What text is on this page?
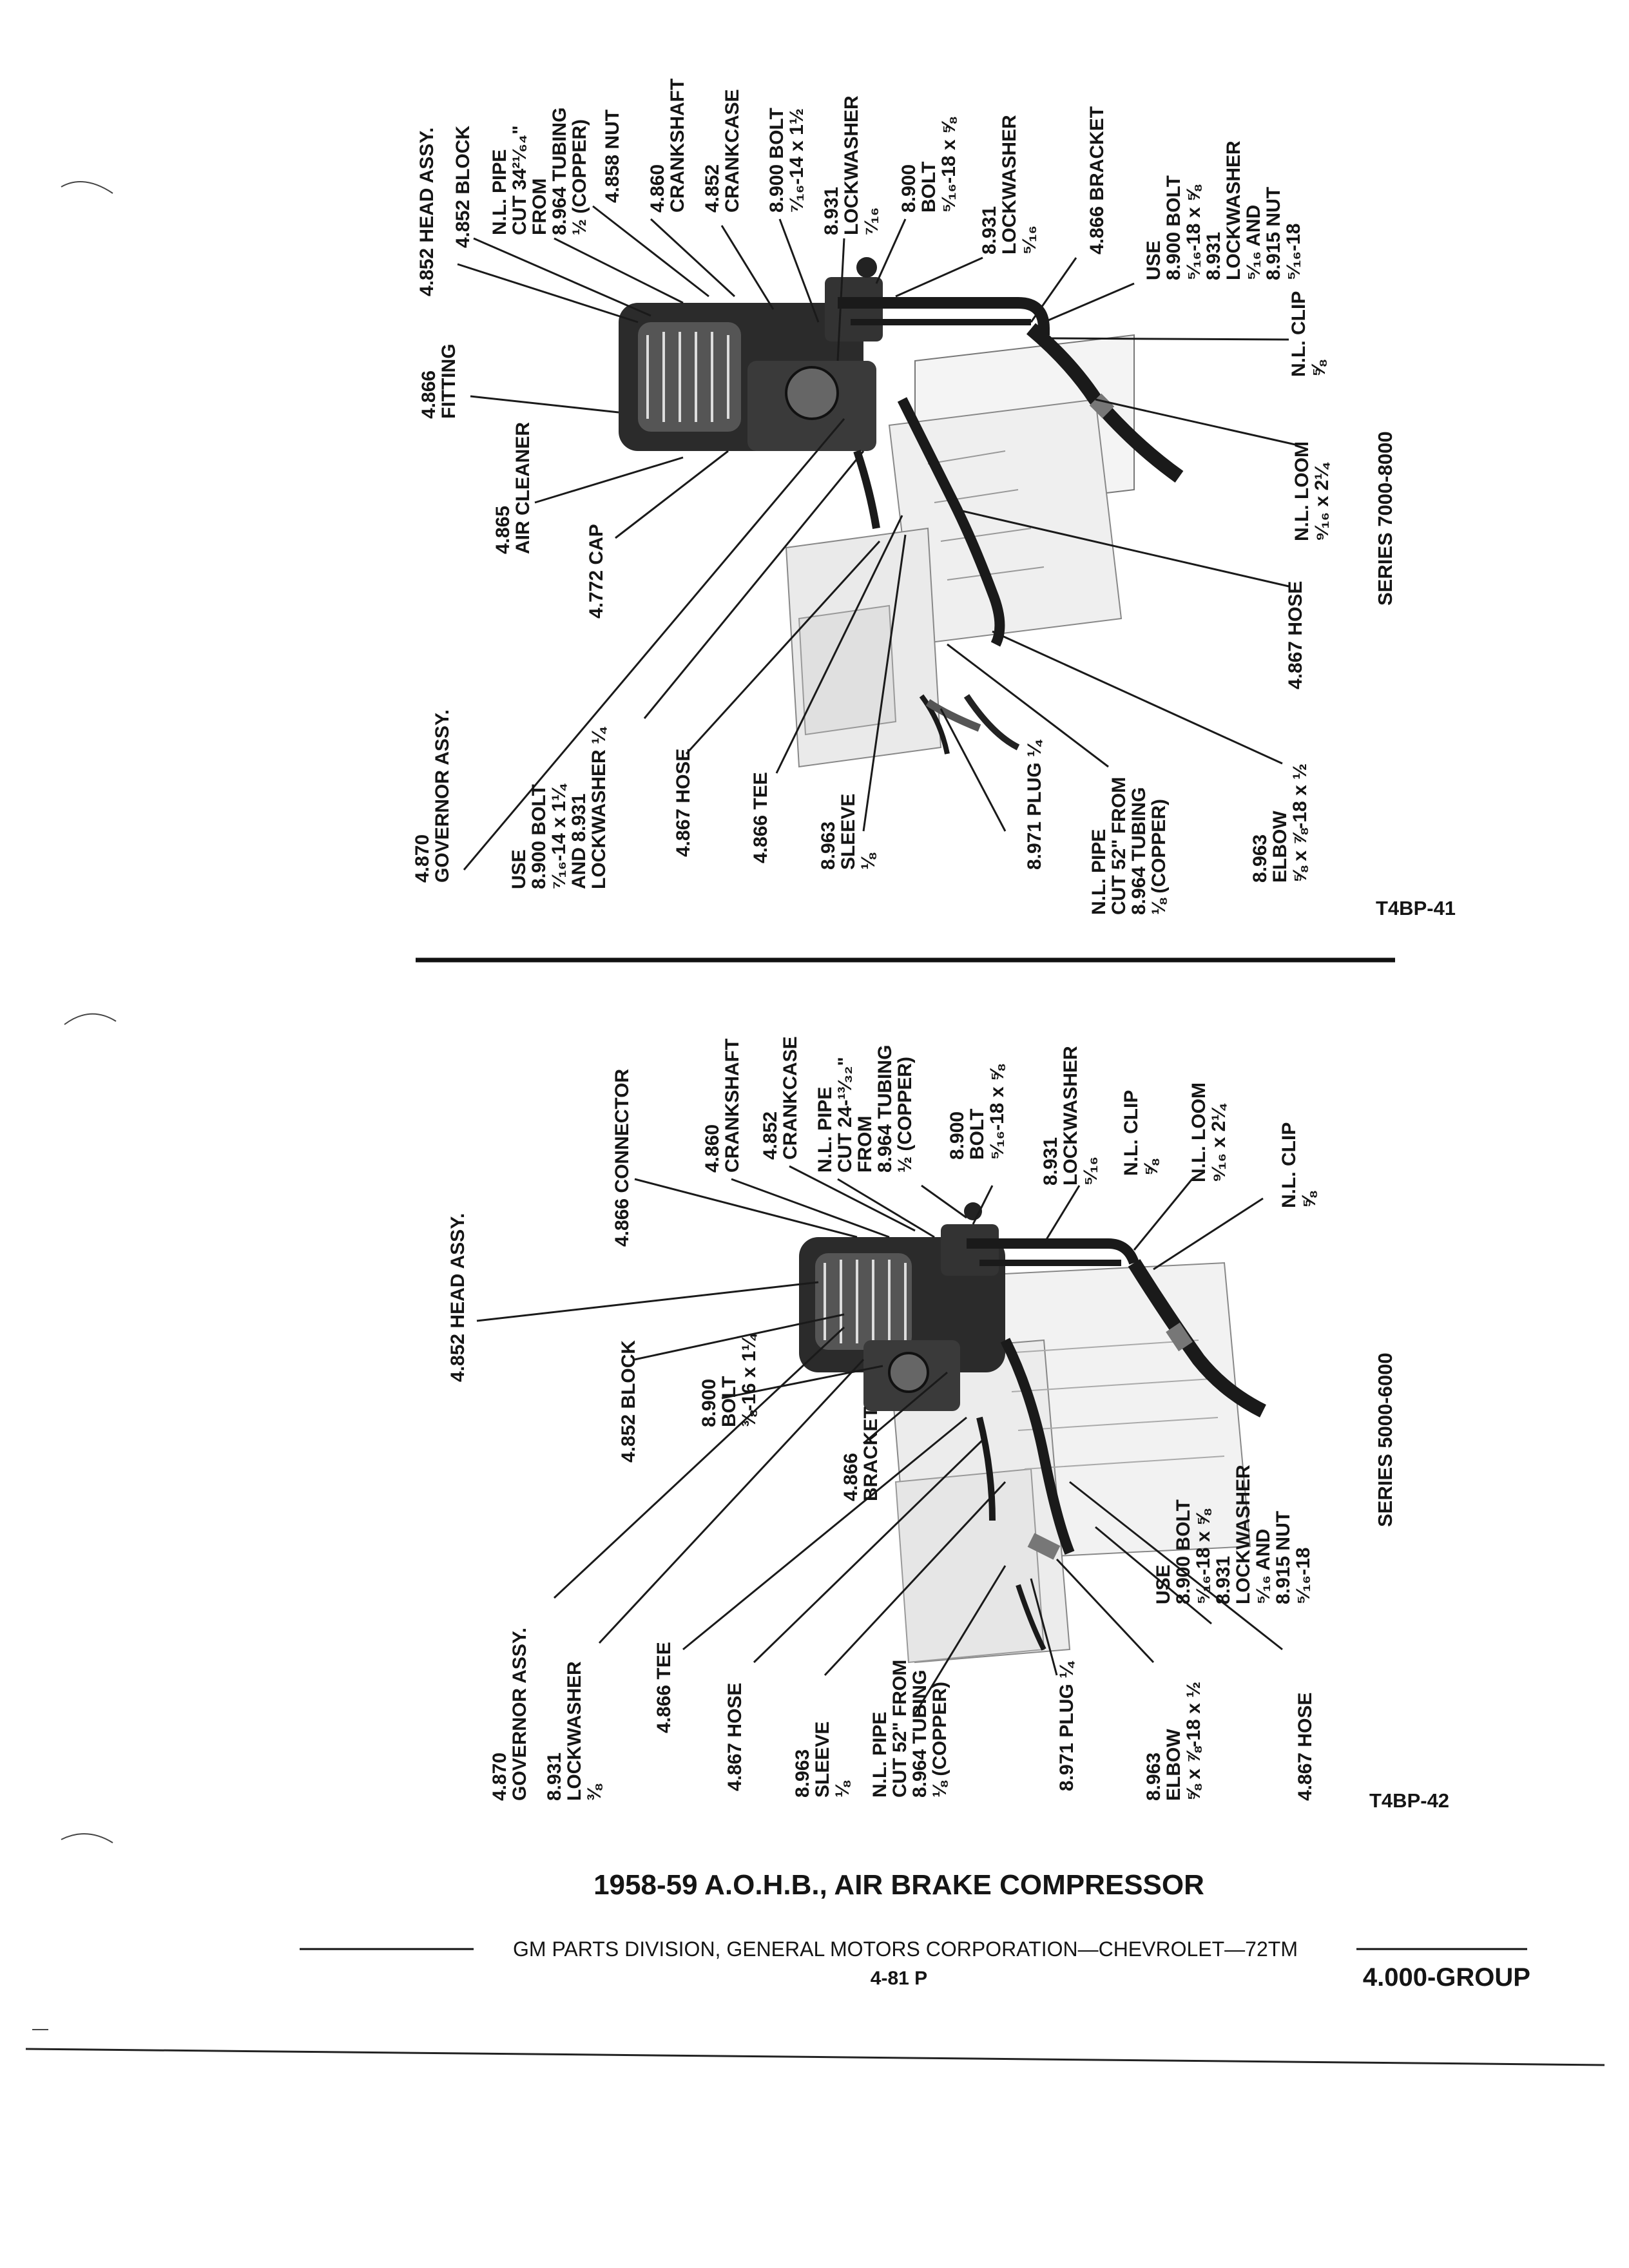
4.852 HEAD ASSY. 4.852 BLOCK N.L. PIPE CUT 34²¹⁄₆₄" FROM 8.964 TUBING ½ (COPPER) 4.858 NUT 4.860 CRANKSHAFT 4.852 CRANKCASE 8.900 BOLT ⁷⁄₁₆-14 x 1½ 8.931 LOCKWASHER ⁷⁄₁₆
8.900 BOLT ⁵⁄₁₆-18 x ⅝
8.931 LOCKWASHER ⁵⁄₁₆ 4.866 BRACKET
USE 8.900 BOLT ⁵⁄₁₆-18 x ⅝ 8.931 LOCKWASHER ⁵⁄₁₆ AND 8.915 NUT ⁵⁄₁₆-18
4.866 FITTING
N.L. CLIP ⅝
4.865 AIR CLEANER	N.L. LOOM ⁹⁄₁₆ x 2¼
4.772 CAP
4.867 HOSE
4.870 GOVERNOR ASSY.	USE 8.900 BOLT ⁷⁄₁₆-14 x 1¼ AND 8.931 LOCKWASHER ¼	4.867 HOSE	4.866 TEE 8.963 SLEEVE ⅛	8.971 PLUG ¼
N.L. PIPE CUT 52" FROM 8.964 TUBING ⅛ (COPPER)	8.963 ELBOW ⅝ x ⅞-18 x ½
SERIES 7000-8000
T4BP-41
4.852 HEAD ASSY.
4.866 CONNECTOR	4.860 CRANKSHAFT 4.852 CRANKCASE N.L. PIPE CUT 24-¹³⁄₃₂" FROM 8.964 TUBING ½ (COPPER) 8.900 BOLT ⁵⁄₁₆-18 x ⅝
8.931 LOCKWASHER ⁵⁄₁₆ N.L. CLIP ⅝ N.L. LOOM ⁹⁄₁₆ x 2¼	N.L. CLIP ⅝
4.852 BLOCK	8.900 BOLT ⅜-16 x 1¼
4.866 BRACKET
4.870 GOVERNOR ASSY. 8.931 LOCKWASHER ⅜
4.866 TEE	4.867 HOSE 8.963 SLEEVE ⅛ N.L. PIPE CUT 52" FROM 8.964 TUBING ⅛ (COPPER)	8.971 PLUG ¼	8.963 ELBOW ⅝ x ⅞-18 x ½
USE 8.900 BOLT ⁵⁄₁₆-18 x ⅝ 8.931 LOCKWASHER ⁵⁄₁₆ AND 8.915 NUT ⁵⁄₁₆-18
4.867 HOSE
SERIES 5000-6000
T4BP-42
1958-59 A.O.H.B., AIR BRAKE COMPRESSOR
GM PARTS DIVISION, GENERAL MOTORS CORPORATION—CHEVROLET—72TM
4-81 P	4.000-GROUP
